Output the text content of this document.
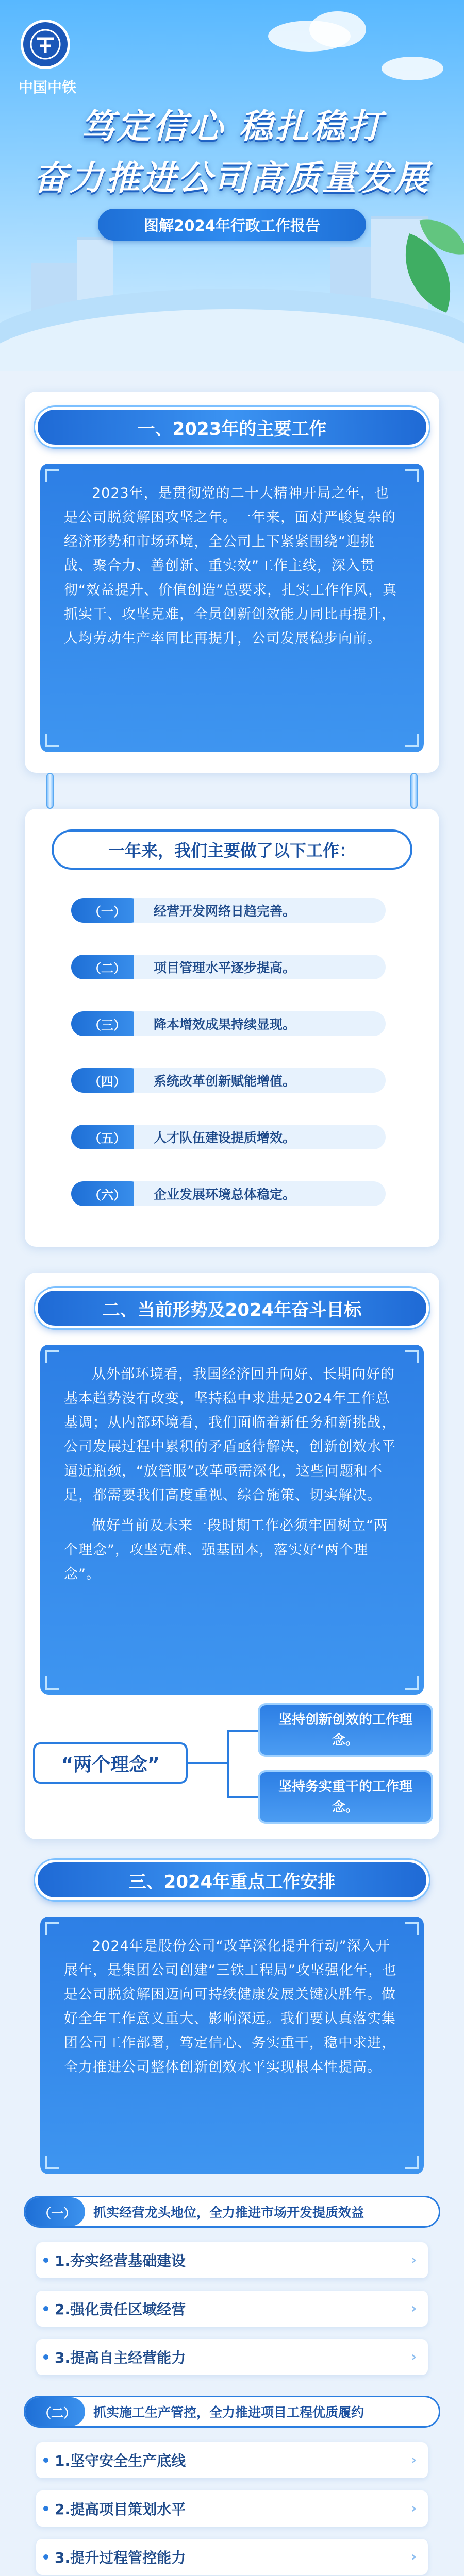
中国中铁
笃定信心 稳扎稳打
奋力推进公司高质量发展
图解2024年行政工作报告
一、2023年的主要工作

2023年，是贯彻党的二十大精神开局之年，也是公司脱贫解困攻坚之年。一年来，面对严峻复杂的经济形势和市场环境，全公司上下紧紧围绕“迎挑战、聚合力、善创新、重实效”工作主线，深入贯彻“效益提升、价值创造”总要求，扎实工作作风，真抓实干、攻坚克难，全员创新创效能力同比再提升，人均劳动生产率同比再提升，公司发展稳步向前。

一年来，我们主要做了以下工作：
（一）	经营开发网络日趋完善。
（二）	项目管理水平逐步提高。
（三）	降本增效成果持续显现。
（四）	系统改革创新赋能增值。
（五）	人才队伍建设提质增效。
（六）	企业发展环境总体稳定。
二、当前形势及2024年奋斗目标

从外部环境看，我国经济回升向好、长期向好的基本趋势没有改变，坚持稳中求进是2024年工作总基调；从内部环境看，我们面临着新任务和新挑战，公司发展过程中累积的矛盾亟待解决，创新创效水平逼近瓶颈，“放管服”改革亟需深化，这些问题和不足，都需要我们高度重视、综合施策、切实解决。

做好当前及未来一段时期工作必须牢固树立“两个理念”，攻坚克难、强基固本，落实好“两个理念”。

“两个理念”
坚持创新创效的工作理念。
坚持务实重干的工作理念。
三、2024年重点工作安排

2024年是股份公司“改革深化提升行动”深入开展年，是集团公司创建“三铁工程局”攻坚强化年，也是公司脱贫解困迈向可持续健康发展关键决胜年。做好全年工作意义重大、影响深远。我们要认真落实集团公司工作部署，笃定信心、务实重干，稳中求进，全力推进公司整体创新创效水平实现根本性提高。

（一）	抓实经营龙头地位，全力推进市场开发提质效益
1.夯实经营基础建设	›
2.强化责任区域经营	›
3.提高自主经营能力	›
（二）	抓实施工生产管控，全力推进项目工程优质履约
1.坚守安全生产底线	›
2.提高项目策划水平	›
3.提升过程管控能力	›
